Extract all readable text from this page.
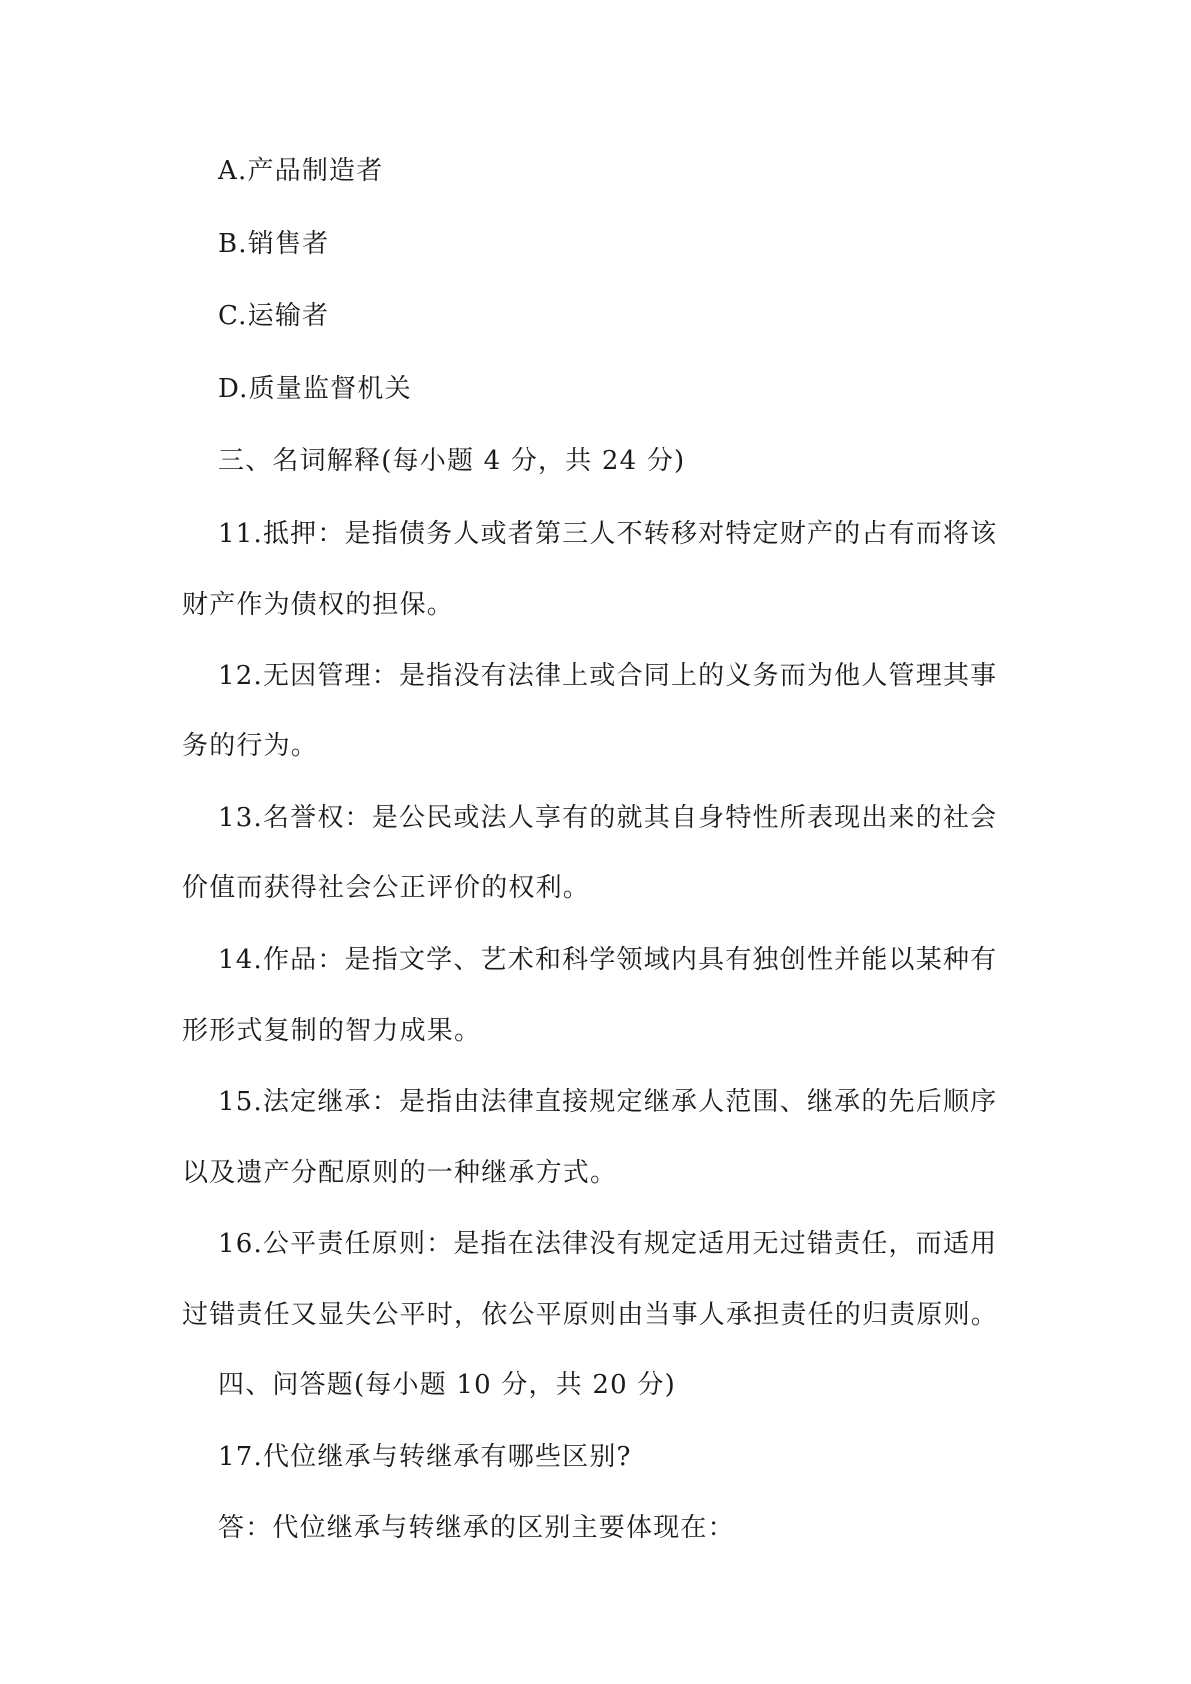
A.产品制造者
B.销售者
C.运输者
D.质量监督机关
三、名词解释(每小题 4 分，共 24 分)
11.抵押：是指债务人或者第三人不转移对特定财产的占有而将该
财产作为债权的担保。
12.无因管理：是指没有法律上或合同上的义务而为他人管理其事
务的行为。
13.名誉权：是公民或法人享有的就其自身特性所表现出来的社会
价值而获得社会公正评价的权利。
14.作品：是指文学、艺术和科学领域内具有独创性并能以某种有
形形式复制的智力成果。
15.法定继承：是指由法律直接规定继承人范围、继承的先后顺序
以及遗产分配原则的一种继承方式。
16.公平责任原则：是指在法律没有规定适用无过错责任，而适用
过错责任又显失公平时，依公平原则由当事人承担责任的归责原则。
四、问答题(每小题 10 分，共 20 分)
17.代位继承与转继承有哪些区别?
答：代位继承与转继承的区别主要体现在：
